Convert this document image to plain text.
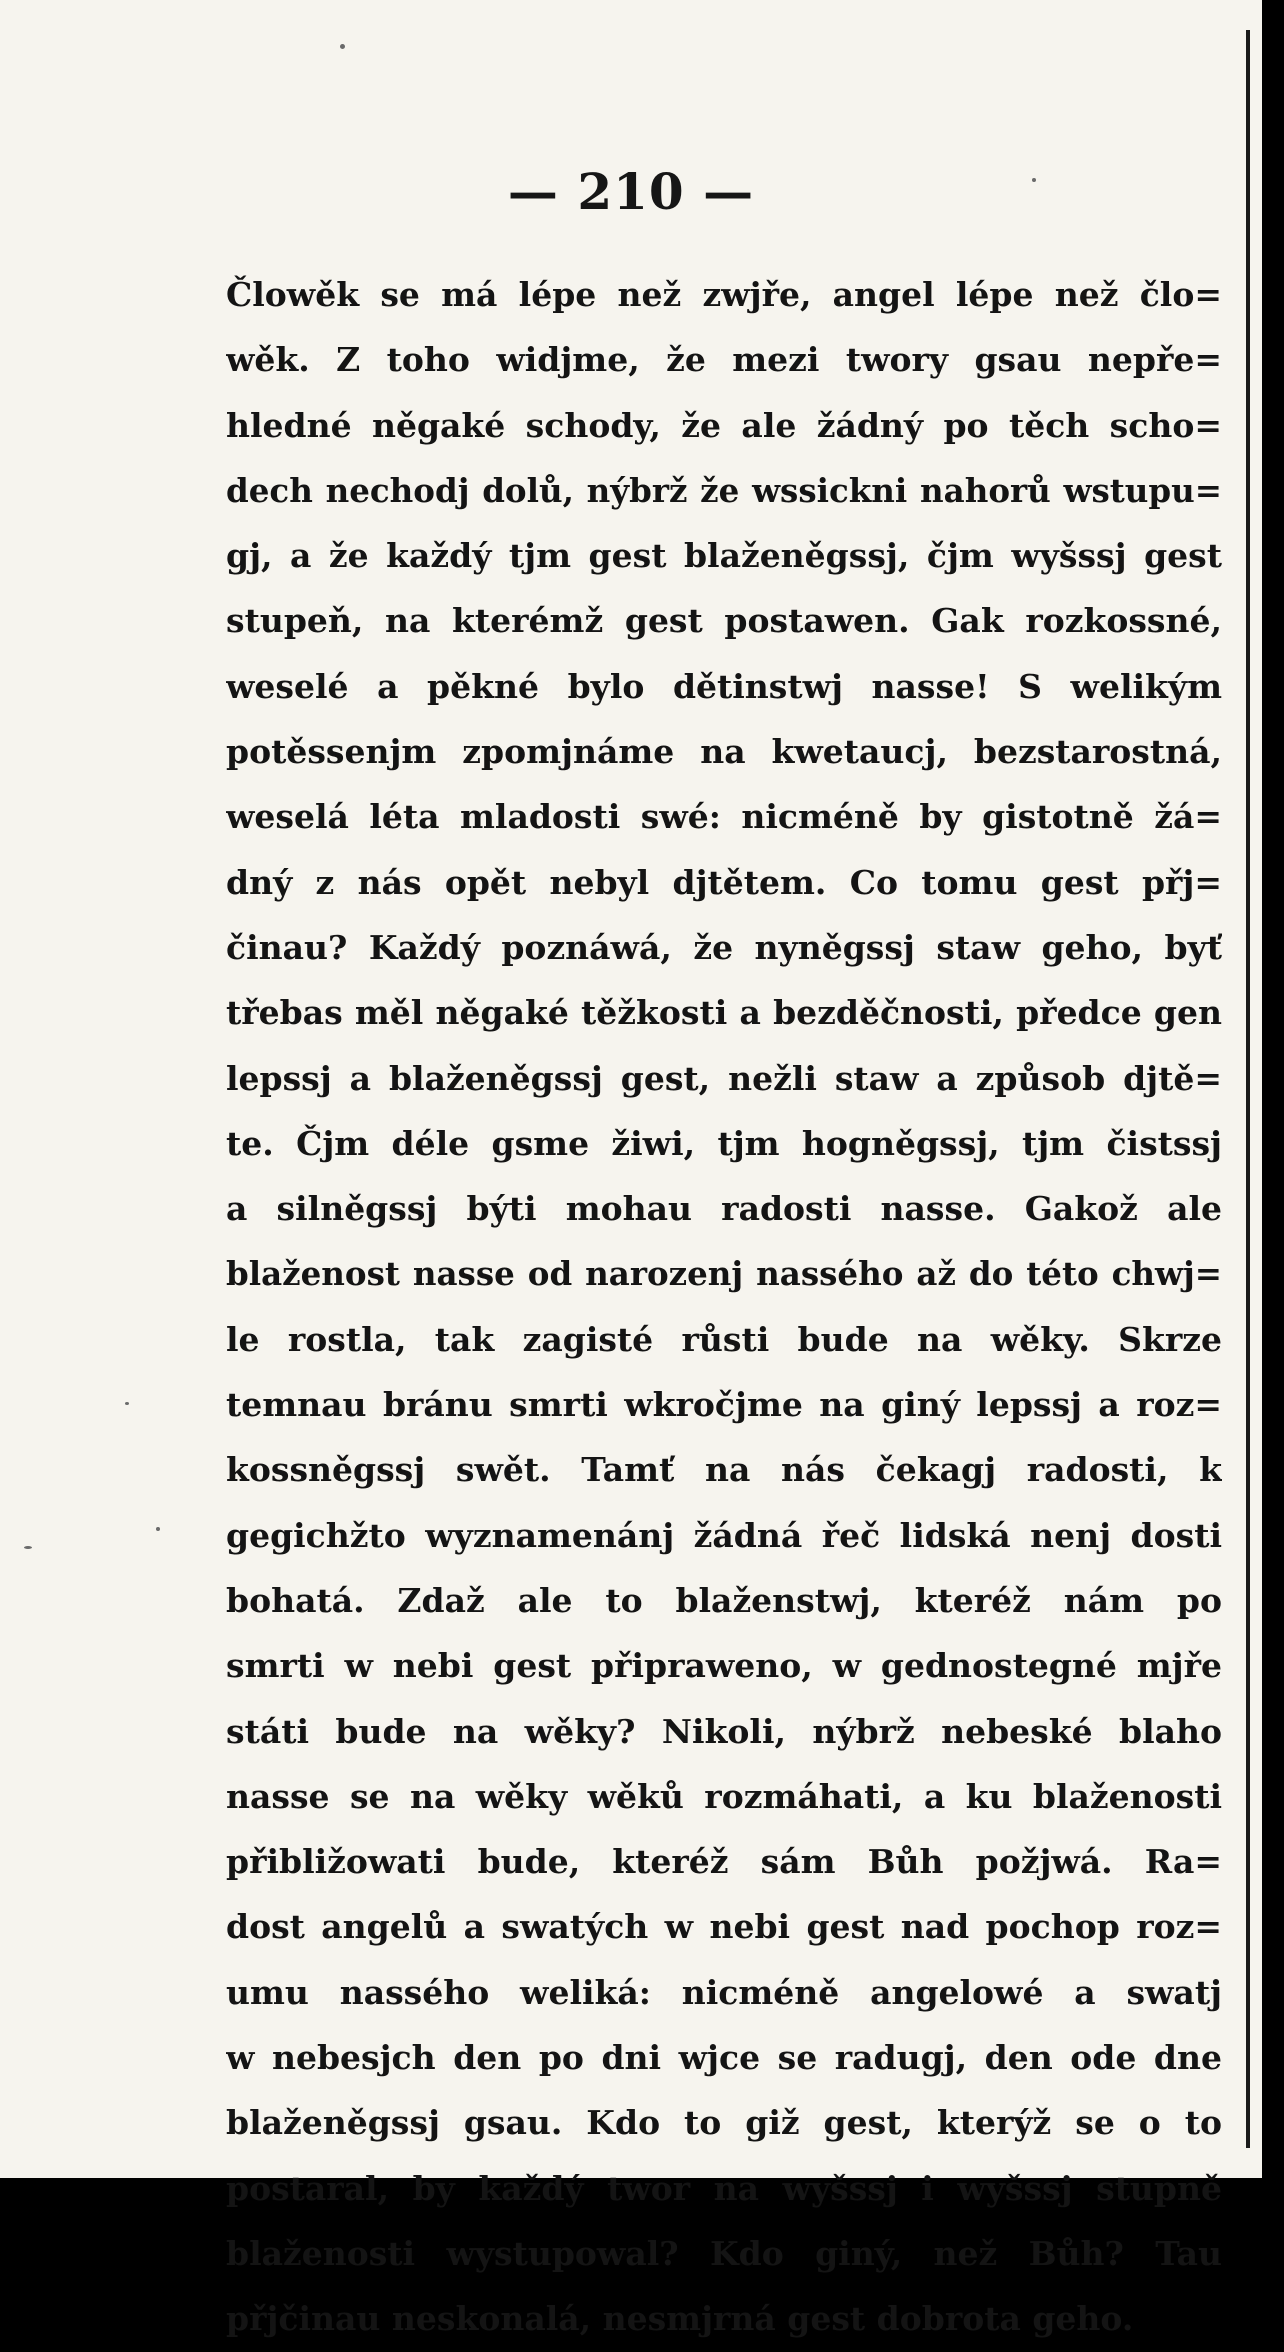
— 210 —
Člowěk se má lépe než zwjře, angel lépe než člo=
wěk. Z toho widjme, že mezi twory gsau nepře=
hledné něgaké schody, že ale žádný po těch scho=
dech nechodj dolů, nýbrž že wssickni nahorů wstupu=
gj, a že každý tjm gest blaženěgssj, čjm wyšssj gest
stupeň, na kterémž gest postawen. Gak rozkossné,
weselé a pěkné bylo dětinstwj nasse! S welikým
potěssenjm zpomjnáme na kwetaucj, bezstarostná,
weselá léta mladosti swé: nicméně by gistotně žá=
dný z nás opět nebyl djtětem. Co tomu gest přj=
činau? Každý poznáwá, že nyněgssj staw geho, byť
třebas měl něgaké těžkosti a bezděčnosti, předce gen
lepssj a blaženěgssj gest, nežli staw a způsob djtě=
te. Čjm déle gsme žiwi, tjm hogněgssj, tjm čistssj
a silněgssj býti mohau radosti nasse. Gakož ale
blaženost nasse od narozenj nassého až do této chwj=
le rostla, tak zagisté růsti bude na wěky. Skrze
temnau bránu smrti wkročjme na giný lepssj a roz=
kossněgssj swět. Tamť na nás čekagj radosti, k
gegichžto wyznamenánj žádná řeč lidská nenj dosti
bohatá. Zdaž ale to blaženstwj, kteréž nám po
smrti w nebi gest připraweno, w gednostegné mjře
státi bude na wěky? Nikoli, nýbrž nebeské blaho
nasse se na wěky wěků rozmáhati, a ku blaženosti
přibližowati bude, kteréž sám Bůh požjwá. Ra=
dost angelů a swatých w nebi gest nad pochop roz=
umu nassého weliká: nicméně angelowé a swatj
w nebesjch den po dni wjce se radugj, den ode dne
blaženěgssj gsau. Kdo to giž gest, kterýž se o to
postaral, by každý twor na wyšssj i wyšssj stupně
blaženosti wystupowal? Kdo giný, než Bůh? Tau
přjčinau neskonalá, nesmjrná gest dobrota geho.
